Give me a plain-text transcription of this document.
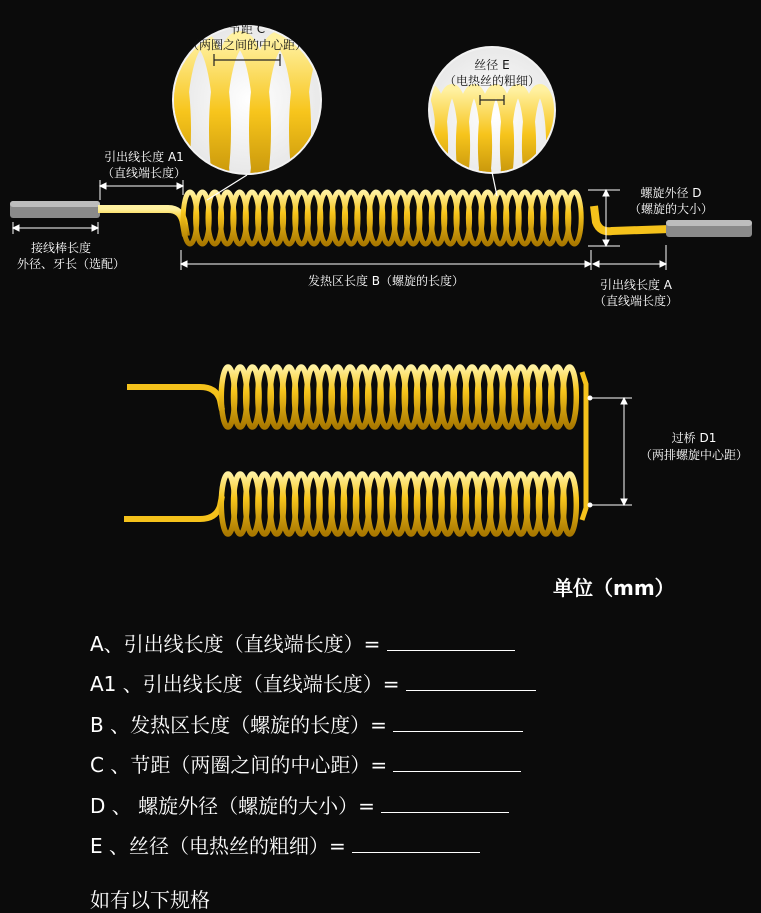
节距 C
（两圈之间的中心距）
丝径 E
（电热丝的粗细）
引出线长度 A1
（直线端长度）
螺旋外径 D
（螺旋的大小）
接线棒长度
外径、牙长（选配）
发热区长度 B（螺旋的长度）	引出线长度 A
（直线端长度）
过桥 D1
（两排螺旋中心距）
单位（mm）
A、引出线长度（直线端长度）=
A1 、引出线长度（直线端长度）=
B 、发热区长度（螺旋的长度）=
C 、节距（两圈之间的中心距）=
D 、 螺旋外径（螺旋的大小）=
E 、丝径（电热丝的粗细）=
如有以下规格
